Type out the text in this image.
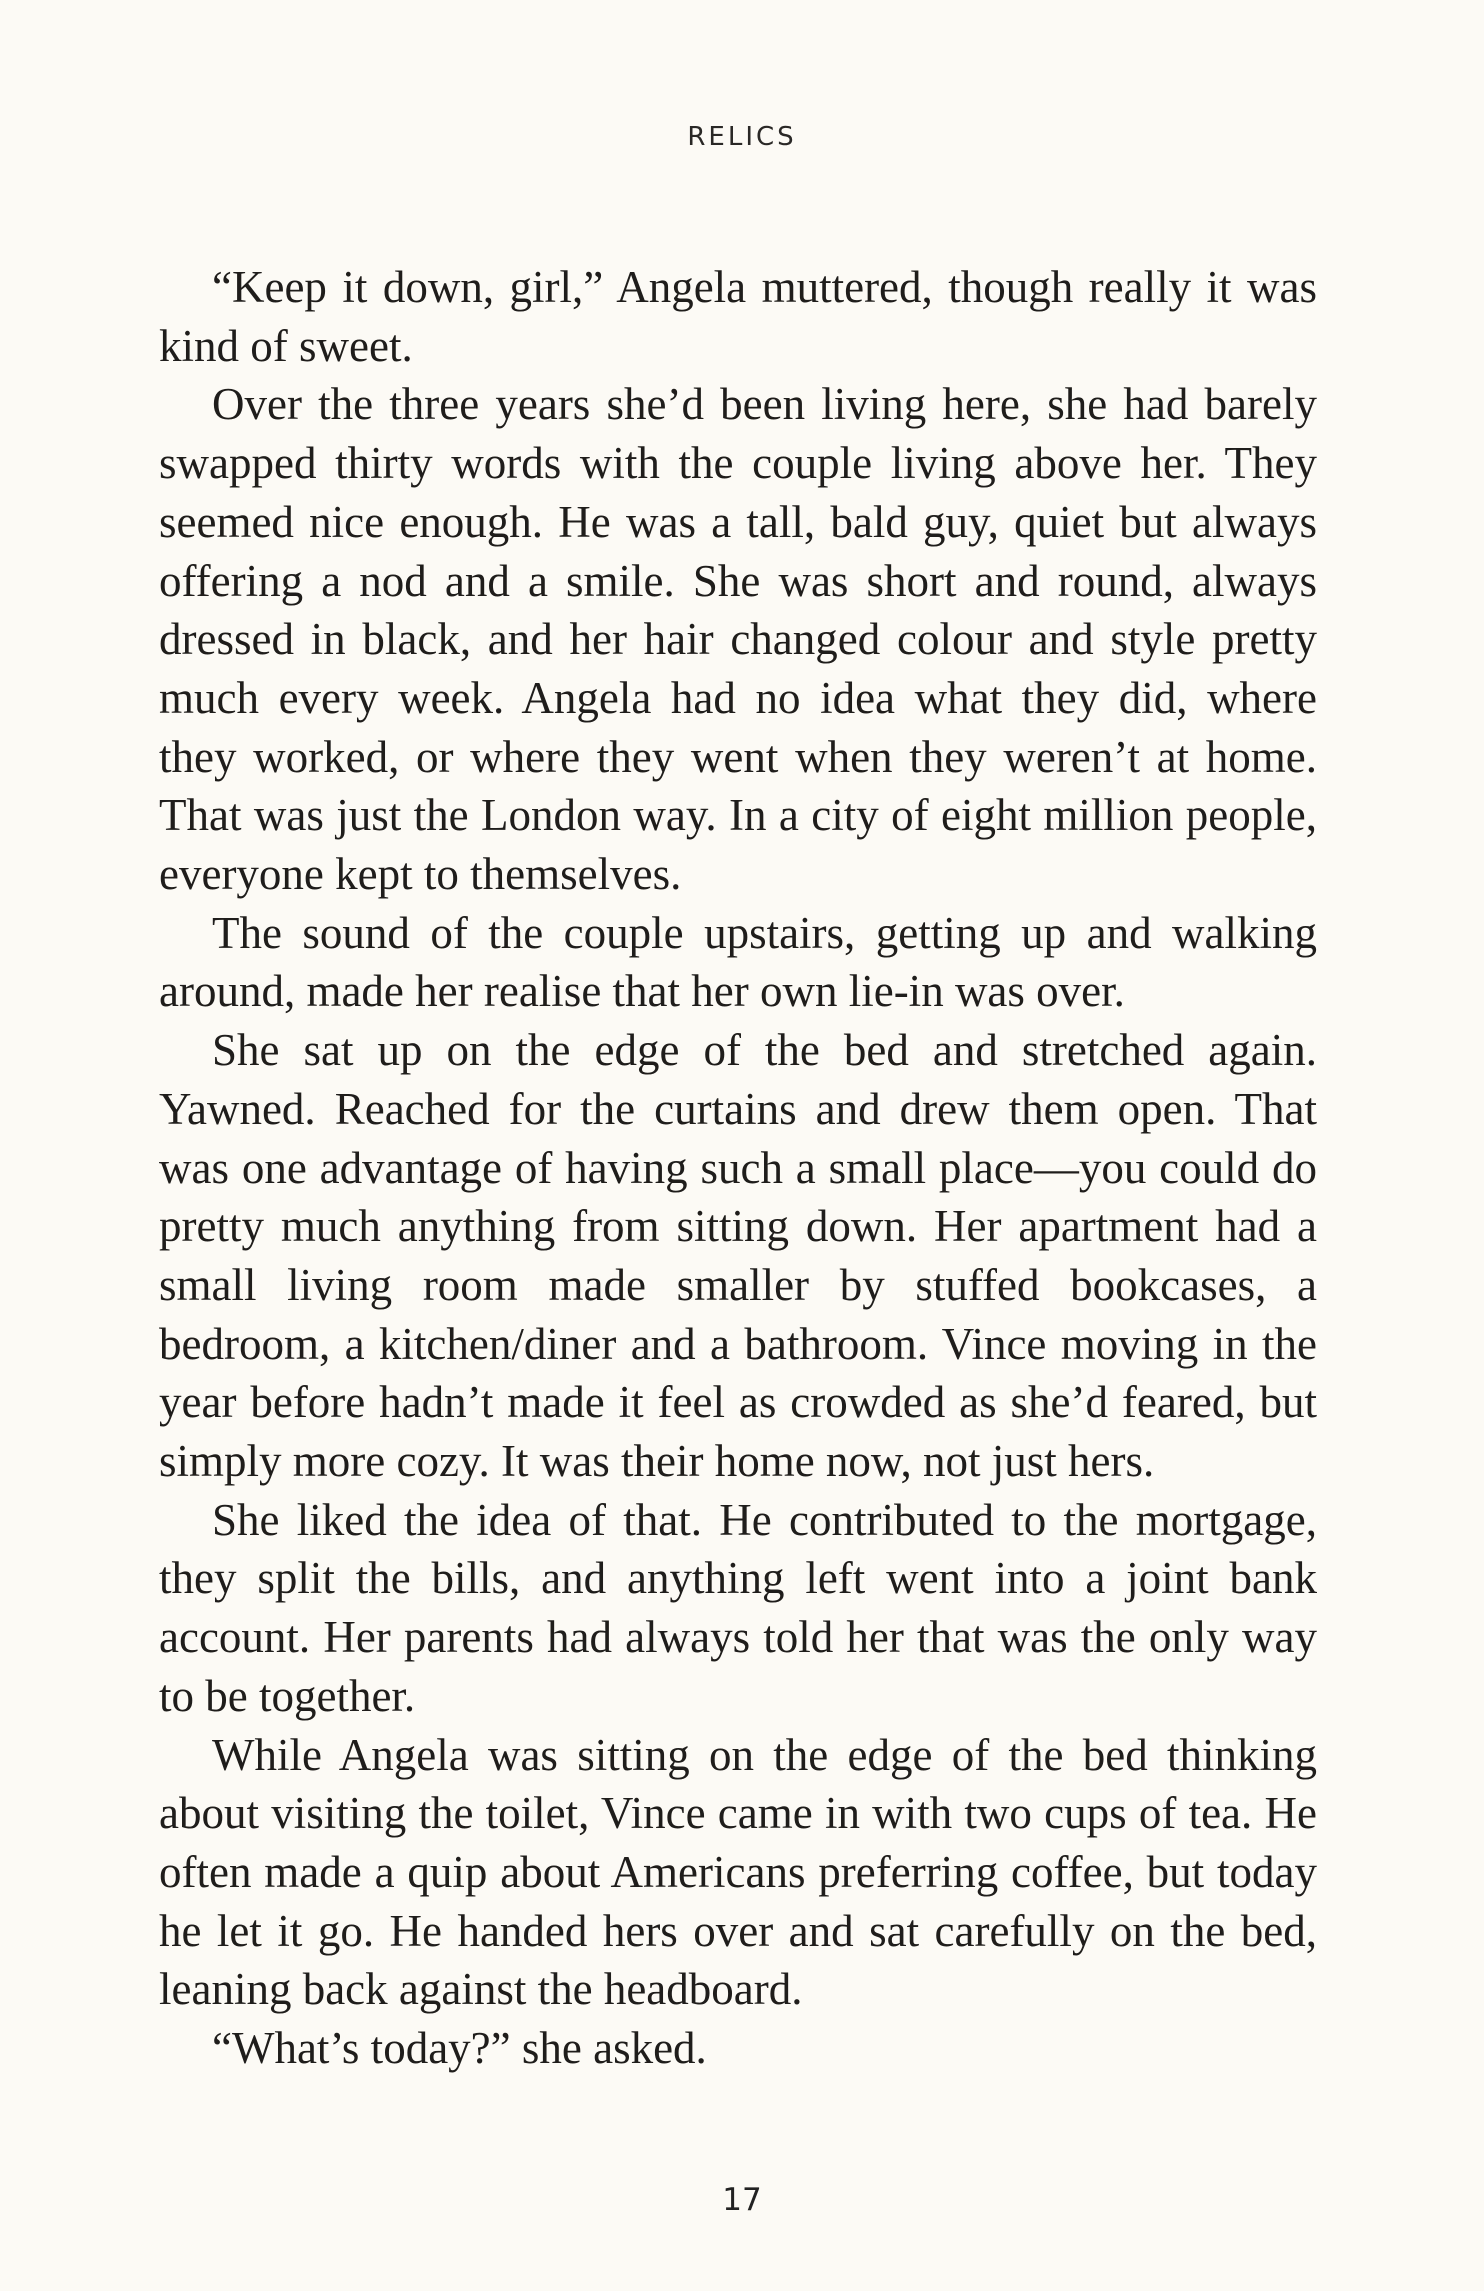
RELICS

“Keep it down, girl,” Angela muttered, though really it was kind of sweet.

Over the three years she’d been living here, she had barely swapped thirty words with the couple living above her. They seemed nice enough. He was a tall, bald guy, quiet but always offering a nod and a smile. She was short and round, always dressed in black, and her hair changed colour and style pretty much every week. Angela had no idea what they did, where they worked, or where they went when they weren’t at home. That was just the London way. In a city of eight million people, everyone kept to themselves.

The sound of the couple upstairs, getting up and walking around, made her realise that her own lie-in was over.

She sat up on the edge of the bed and stretched again. Yawned. Reached for the curtains and drew them open. That was one advantage of having such a small place—you could do pretty much anything from sitting down. Her apartment had a small living room made smaller by stuffed bookcases, a bedroom, a kitchen/diner and a bathroom. Vince moving in the year before hadn’t made it feel as crowded as she’d feared, but simply more cozy. It was their home now, not just hers.

She liked the idea of that. He contributed to the mortgage, they split the bills, and anything left went into a joint bank account. Her parents had always told her that was the only way to be together.

While Angela was sitting on the edge of the bed thinking about visiting the toilet, Vince came in with two cups of tea. He often made a quip about Americans preferring coffee, but today he let it go. He handed hers over and sat carefully on the bed, leaning back against the headboard.

“What’s today?” she asked.

17
